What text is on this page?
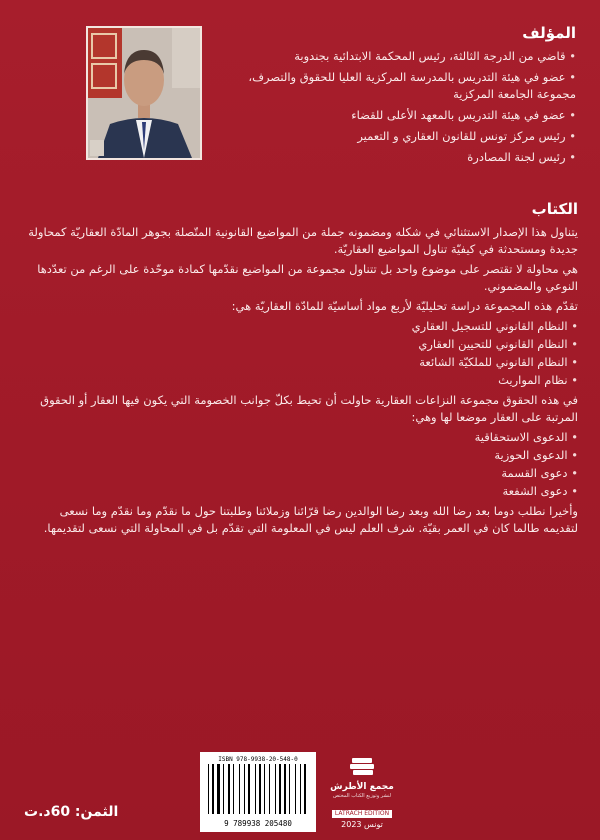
المؤلف
• قاضي من الدرجة الثالثة، رئيس المحكمة الابتدائية بجندوبة
• عضو في هيئة التدريس بالمدرسة المركزية العليا للحقوق والتصرف، مجموعة الجامعة المركزية
• عضو في هيئة التدريس بالمعهد الأعلى للقضاء
• رئيس مركز تونس للقانون العقاري و التعمير
• رئيس لجنة المصادرة
الكتاب

يتناول هذا الإصدار الاستثنائي في شكله ومضمونه جملة من المواضيع القانونية المتّصلة بجوهر المادّة العقاريّة كمحاولة جديدة ومستحدثة في كيفيّة تناول المواضيع العقاريّة.

هي محاولة لا تقتصر على موضوع واحد بل تتناول مجموعة من المواضيع نقدّمها كمادة موحّدة على الرغم من تعدّدها النوعي والمضموني.

تقدّم هذه المجموعة دراسة تحليليّة لأربع مواد أساسيّة للمادّة العقاريّة هي:

• النظام القانوني للتسجيل العقاري
• النظام القانوني للتحيين العقاري
• النظام القانوني للملكيّة الشائعة
• نظام المواريث

في هذه الحقوق مجموعة النزاعات العقارية حاولت أن تحيط بكلّ جوانب الخصومة التي يكون فيها العقار أو الحقوق المرتبة على العقار موضعا لها وهي:

• الدعوى الاستحقاقية
• الدعوى الحوزية
• دعوى القسمة
• دعوى الشفعة

وأخيرا نطلب دوما بعد رضا الله وبعد رضا الوالدين رضا قرّائنا وزملائنا وطلبتنا حول ما نقدّم وما نقدّم وما نسعى لتقديمه طالما كان في العمر بقيّة. شرف العلم ليس في المعلومة التي تقدّم بل في المحاولة التي نسعى لتقديمها.

ISBN 978-9938-20-548-0
9 789938 205480
مجمع الأطرش
لنشر وتوزيع الكتاب المختص
LATRACH EDITION
تونس 2023
الثمن: 60د.ت
